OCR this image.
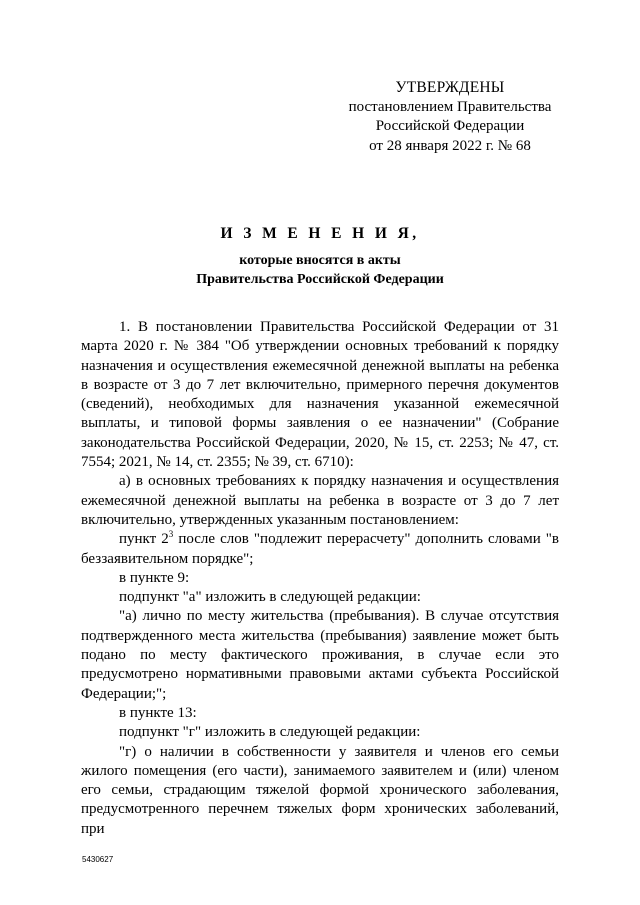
УТВЕРЖДЕНЫ
постановлением Правительства
Российской Федерации
от 28 января 2022 г. № 68
И З М Е Н Е Н И Я,
которые вносятся в акты
Правительства Российской Федерации

1. В постановлении Правительства Российской Федерации от 31 марта 2020 г. № 384 "Об утверждении основных требований к порядку назначения и осуществления ежемесячной денежной выплаты на ребенка в возрасте от 3 до 7 лет включительно, примерного перечня документов (сведений), необходимых для назначения указанной ежемесячной выплаты, и типовой формы заявления о ее назначении" (Собрание законодательства Российской Федерации, 2020, № 15, ст. 2253; № 47, ст. 7554; 2021, № 14, ст. 2355; № 39, ст. 6710):

а) в основных требованиях к порядку назначения и осуществления ежемесячной денежной выплаты на ребенка в возрасте от 3 до 7 лет включительно, утвержденных указанным постановлением:

пункт $2^3$ после слов "подлежит перерасчету" дополнить словами "в беззаявительном порядке";

в пункте 9:

подпункт "а" изложить в следующей редакции:

"а) лично по месту жительства (пребывания). В случае отсутствия подтвержденного места жительства (пребывания) заявление может быть подано по месту фактического проживания, в случае если это предусмотрено нормативными правовыми актами субъекта Российской Федерации;";

в пункте 13:

подпункт "г" изложить в следующей редакции:

"г) о наличии в собственности у заявителя и членов его семьи жилого помещения (его части), занимаемого заявителем и (или) членом его семьи, страдающим тяжелой формой хронического заболевания, предусмотренного перечнем тяжелых форм хронических заболеваний, при

5430627
